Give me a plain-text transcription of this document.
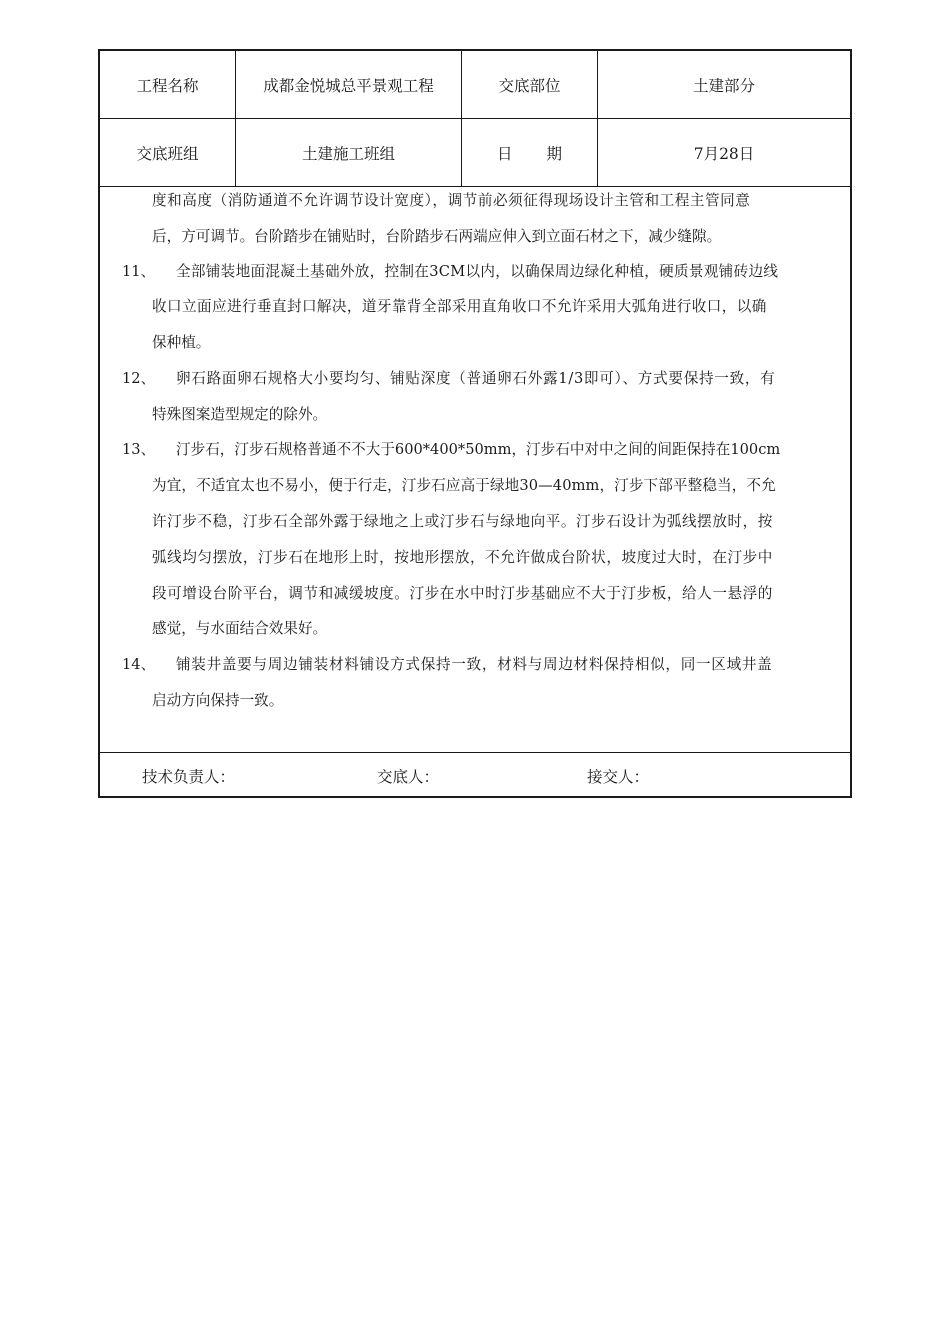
工程名称	成都金悦城总平景观工程	交底部位	土建部分
交底班组	土建施工班组	日期	7月28日
度和高度（消防通道不允许调节设计宽度），调节前必须征得现场设计主管和工程主管同意
后，方可调节。台阶踏步在铺贴时，台阶踏步石两端应伸入到立面石材之下，减少缝隙。
11、 全部铺装地面混凝土基础外放，控制在3CM以内，以确保周边绿化种植，硬质景观铺砖边线
收口立面应进行垂直封口解决，道牙靠背全部采用直角收口不允许采用大弧角进行收口，以确
保种植。
12、 卵石路面卵石规格大小要均匀、铺贴深度（普通卵石外露1/3即可）、方式要保持一致，有
特殊图案造型规定的除外。
13、 汀步石，汀步石规格普通不不大于600*400*50mm，汀步石中对中之间的间距保持在100cm
为宜，不适宜太也不易小，便于行走，汀步石应高于绿地30—40mm，汀步下部平整稳当，不允
许汀步不稳，汀步石全部外露于绿地之上或汀步石与绿地向平。汀步石设计为弧线摆放时，按
弧线均匀摆放，汀步石在地形上时，按地形摆放，不允许做成台阶状，坡度过大时，在汀步中
段可增设台阶平台，调节和减缓坡度。汀步在水中时汀步基础应不大于汀步板，给人一悬浮的
感觉，与水面结合效果好。
14、 铺装井盖要与周边铺装材料铺设方式保持一致，材料与周边材料保持相似，同一区域井盖
启动方向保持一致。
技术负责人：	交底人：	接交人：
